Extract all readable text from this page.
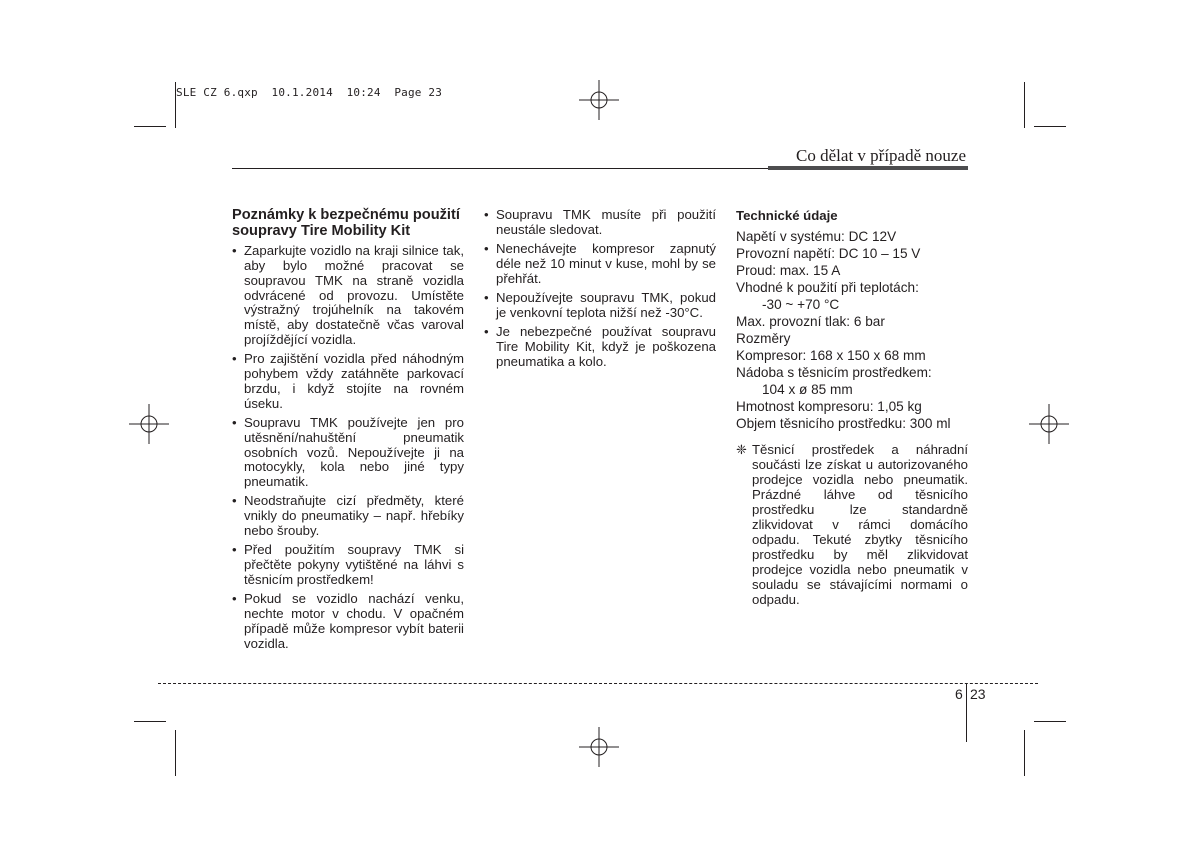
SLE CZ 6.qxp  10.1.2014  10:24  Page 23
Co dělat v případě nouze
Poznámky k bezpečnému použití soupravy Tire Mobility Kit
• Zaparkujte vozidlo na kraji silnice tak, aby bylo možné pracovat se soupravou TMK na straně vozidla odvrácené od provozu. Umístěte výstražný trojúhelník na takovém místě, aby dostatečně včas varoval projíždějící vozidla.
• Pro zajištění vozidla před náhodným pohybem vždy zatáhněte parkovací brzdu, i když stojíte na rovném úseku.
• Soupravu TMK používejte jen pro utěsnění/nahuštění pneumatik osobních vozů. Nepoužívejte ji na motocykly, kola nebo jiné typy pneumatik.
• Neodstraňujte cizí předměty, které vnikly do pneumatiky – např. hřebíky nebo šrouby.
• Před použitím soupravy TMK si přečtěte pokyny vytištěné na láhvi s těsnicím prostředkem!
• Pokud se vozidlo nachází venku, nechte motor v chodu. V opačném případě může kompresor vybít baterii vozidla.
• Soupravu TMK musíte při použití neustále sledovat.
• Nenechávejte kompresor zapnutý déle než 10 minut v kuse, mohl by se přehřát.
• Nepoužívejte soupravu TMK, pokud je venkovní teplota nižší než -30°C.
• Je nebezpečné používat soupravu Tire Mobility Kit, když je poškozena pneumatika a kolo.
Technické údaje
Napětí v systému: DC 12V
Provozní napětí: DC 10 – 15 V
Proud: max. 15 A
Vhodné k použití při teplotách:
-30 ~ +70 °C
Max. provozní tlak: 6 bar
Rozměry
Kompresor: 168 x 150 x 68 mm
Nádoba s těsnicím prostředkem:
104 x ø 85 mm
Hmotnost kompresoru: 1,05 kg
Objem těsnicího prostředku: 300 ml
❈ Těsnicí prostředek a náhradní součásti lze získat u autorizovaného prodejce vozidla nebo pneumatik. Prázdné láhve od těsnicího prostředku lze standardně zlikvidovat v rámci domácího odpadu. Tekuté zbytky těsnicího prostředku by měl zlikvidovat prodejce vozidla nebo pneumatik v souladu se stávajícími normami o odpadu.
6 23
